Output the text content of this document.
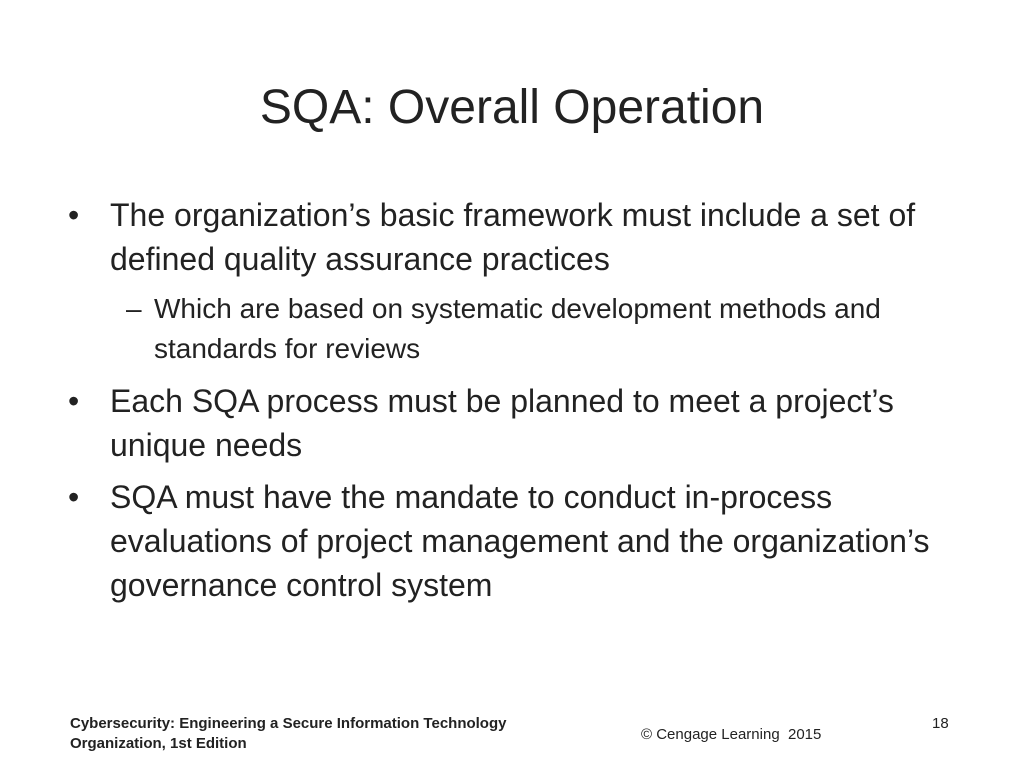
SQA: Overall Operation
• The organization’s basic framework must include a set of defined quality assurance practices
– Which are based on systematic development methods and standards for reviews
• Each SQA process must be planned to meet a project’s unique needs
• SQA must have the mandate to conduct in-process evaluations of project management and the organization’s governance control system
Cybersecurity: Engineering a Secure Information Technology
Organization, 1st Edition
© Cengage Learning  2015
18
